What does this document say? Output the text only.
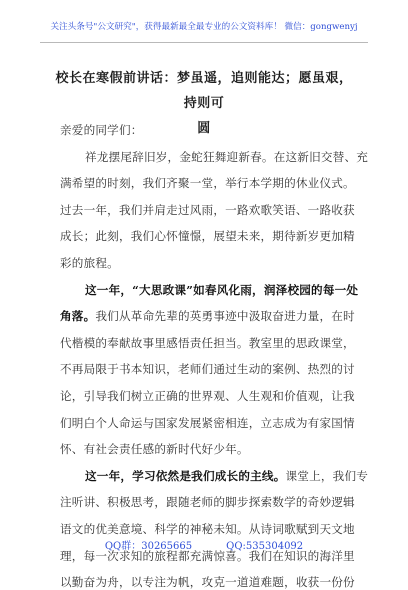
关注头条号"公文研究"，获得最新最全最专业的公文资料库！ 微信：gongwenyj
校长在寒假前讲话：梦虽遥，追则能达；愿虽艰，持则可
圆
亲爱的同学们：
祥龙摆尾辞旧岁，金蛇狂舞迎新春。在这新旧交替、充
满希望的时刻，我们齐聚一堂，举行本学期的休业仪式。
过去一年，我们并肩走过风雨，一路欢歌笑语、一路收获
成长；此刻，我们心怀憧憬，展望未来，期待新岁更加精
彩的旅程。
这一年，“大思政课”如春风化雨，润泽校园的每一处
角落。我们从革命先辈的英勇事迹中汲取奋进力量，在时
代楷模的奉献故事里感悟责任担当。教室里的思政课堂，
不再局限于书本知识，老师们通过生动的案例、热烈的讨
论，引导我们树立正确的世界观、人生观和价值观，让我
们明白个人命运与国家发展紧密相连，立志成为有家国情
怀、有社会责任感的新时代好少年。
这一年，学习依然是我们成长的主线。课堂上，我们专
注听讲、积极思考，跟随老师的脚步探索数学的奇妙逻辑
语文的优美意境、科学的神秘未知。从诗词歌赋到天文地
理，每一次求知的旅程都充满惊喜。我们在知识的海洋里
以勤奋为舟，以专注为帆，攻克一道道难题，收获一份份
QQ群：30265665	QQ:535304092
